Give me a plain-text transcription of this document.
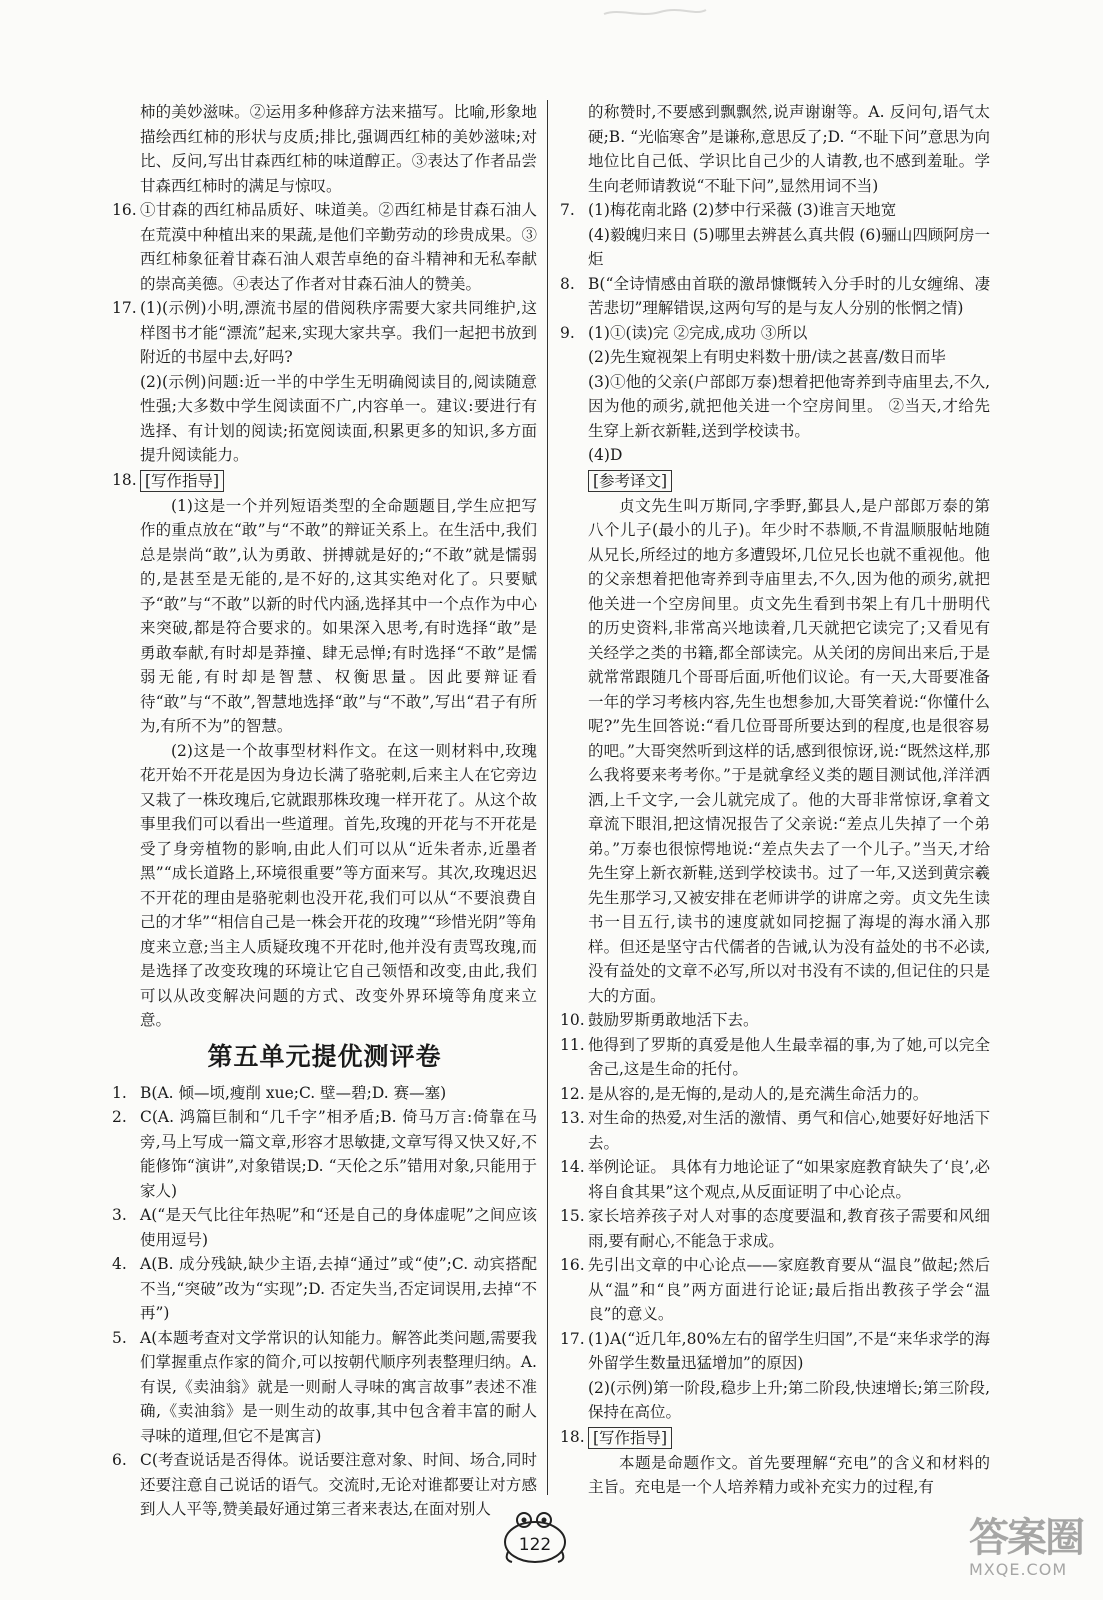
柿的美妙滋味。②运用多种修辞方法来描写。比喻,形象地描绘西红柿的形状与皮质;排比,强调西红柿的美妙滋味;对比、反问,写出甘森西红柿的味道醇正。③表达了作者品尝甘森西红柿时的满足与惊叹。

16. ①甘森的西红柿品质好、味道美。②西红柿是甘森石油人在荒漠中种植出来的果蔬,是他们辛勤劳动的珍贵成果。③西红柿象征着甘森石油人艰苦卓绝的奋斗精神和无私奉献的崇高美德。④表达了作者对甘森石油人的赞美。

17. (1)(示例)小明,漂流书屋的借阅秩序需要大家共同维护,这样图书才能“漂流”起来,实现大家共享。我们一起把书放到附近的书屋中去,好吗?

(2)(示例)问题:近一半的中学生无明确阅读目的,阅读随意性强;大多数中学生阅读面不广,内容单一。建议:要进行有选择、有计划的阅读;拓宽阅读面,积累更多的知识,多方面提升阅读能力。

18. [写作指导]

(1)这是一个并列短语类型的全命题题目,学生应把写作的重点放在“敢”与“不敢”的辩证关系上。在生活中,我们总是崇尚“敢”,认为勇敢、拼搏就是好的;“不敢”就是懦弱的,是甚至是无能的,是不好的,这其实绝对化了。只要赋予“敢”与“不敢”以新的时代内涵,选择其中一个点作为中心来突破,都是符合要求的。如果深入思考,有时选择“敢”是勇敢奉献,有时却是莽撞、肆无忌惮;有时选择“不敢”是懦弱无能,有时却是智慧、权衡思量。因此要辩证看待“敢”与“不敢”,智慧地选择“敢”与“不敢”,写出“君子有所为,有所不为”的智慧。

(2)这是一个故事型材料作文。在这一则材料中,玫瑰花开始不开花是因为身边长满了骆驼刺,后来主人在它旁边又栽了一株玫瑰后,它就跟那株玫瑰一样开花了。从这个故事里我们可以看出一些道理。首先,玫瑰的开花与不开花是受了身旁植物的影响,由此人们可以从“近朱者赤,近墨者黑”“成长道路上,环境很重要”等方面来写。其次,玫瑰迟迟不开花的理由是骆驼刺也没开花,我们可以从“不要浪费自己的才华”“相信自己是一株会开花的玫瑰”“珍惜光阴”等角度来立意;当主人质疑玫瑰不开花时,他并没有责骂玫瑰,而是选择了改变玫瑰的环境让它自己领悟和改变,由此,我们可以从改变解决问题的方式、改变外界环境等角度来立意。

第五单元提优测评卷

1. B(A. 倾—顷,瘦削 xue;C. 壁—碧;D. 赛—塞)

2. C(A. 鸿篇巨制和“几千字”相矛盾;B. 倚马万言:倚靠在马旁,马上写成一篇文章,形容才思敏捷,文章写得又快又好,不能修饰“演讲”,对象错误;D. “天伦之乐”错用对象,只能用于家人)

3. A(“是天气比往年热呢”和“还是自己的身体虚呢”之间应该使用逗号)

4. A(B. 成分残缺,缺少主语,去掉“通过”或“使”;C. 动宾搭配不当,“突破”改为“实现”;D. 否定失当,否定词误用,去掉“不再”)

5. A(本题考查对文学常识的认知能力。解答此类问题,需要我们掌握重点作家的简介,可以按朝代顺序列表整理归纳。A. 有误,《卖油翁》就是一则耐人寻味的寓言故事”表述不准确,《卖油翁》是一则生动的故事,其中包含着丰富的耐人寻味的道理,但它不是寓言)

6. C(考查说话是否得体。说话要注意对象、时间、场合,同时还要注意自己说话的语气。交流时,无论对谁都要让对方感到人人平等,赞美最好通过第三者来表达,在面对别人

的称赞时,不要感到飘飘然,说声谢谢等。A. 反问句,语气太硬;B. “光临寒舍”是谦称,意思反了;D. “不耻下问”意思为向地位比自己低、学识比自己少的人请教,也不感到羞耻。学生向老师请教说“不耻下问”,显然用词不当)

7. (1)梅花南北路 (2)梦中行采薇 (3)谁言天地宽

(4)毅魄归来日 (5)哪里去辨甚么真共假 (6)骊山四顾阿房一炬

8. B(“全诗情感由首联的激昂慷慨转入分手时的儿女缠绵、凄苦悲切”理解错误,这两句写的是与友人分别的怅惘之情)

9. (1)①(读)完 ②完成,成功 ③所以

(2)先生窥视架上有明史料数十册/读之甚喜/数日而毕

(3)①他的父亲(户部郎万泰)想着把他寄养到寺庙里去,不久,因为他的顽劣,就把他关进一个空房间里。 ②当天,才给先生穿上新衣新鞋,送到学校读书。

(4)D

[参考译文]

贞文先生叫万斯同,字季野,鄞县人,是户部郎万泰的第八个儿子(最小的儿子)。年少时不恭顺,不肯温顺服帖地随从兄长,所经过的地方多遭毁坏,几位兄长也就不重视他。他的父亲想着把他寄养到寺庙里去,不久,因为他的顽劣,就把他关进一个空房间里。贞文先生看到书架上有几十册明代的历史资料,非常高兴地读着,几天就把它读完了;又看见有关经学之类的书籍,都全部读完。从关闭的房间出来后,于是就常常跟随几个哥哥后面,听他们议论。有一天,大哥要准备一年的学习考核内容,先生也想参加,大哥笑着说:“你懂什么呢?”先生回答说:“看几位哥哥所要达到的程度,也是很容易的吧。”大哥突然听到这样的话,感到很惊讶,说:“既然这样,那么我将要来考考你。”于是就拿经义类的题目测试他,洋洋洒洒,上千文字,一会儿就完成了。他的大哥非常惊讶,拿着文章流下眼泪,把这情况报告了父亲说:“差点儿失掉了一个弟弟。”万泰也很惊愕地说:“差点失去了一个儿子。”当天,才给先生穿上新衣新鞋,送到学校读书。过了一年,又送到黄宗羲先生那学习,又被安排在老师讲学的讲席之旁。贞文先生读书一目五行,读书的速度就如同挖掘了海堤的海水涌入那样。但还是坚守古代儒者的告诫,认为没有益处的书不必读,没有益处的文章不必写,所以对书没有不读的,但记住的只是大的方面。

10. 鼓励罗斯勇敢地活下去。

11. 他得到了罗斯的真爱是他人生最幸福的事,为了她,可以完全舍己,这是生命的托付。

12. 是从容的,是无悔的,是动人的,是充满生命活力的。

13. 对生命的热爱,对生活的激情、勇气和信心,她要好好地活下去。

14. 举例论证。 具体有力地论证了“如果家庭教育缺失了‘良’,必将自食其果”这个观点,从反面证明了中心论点。

15. 家长培养孩子对人对事的态度要温和,教育孩子需要和风细雨,要有耐心,不能急于求成。

16. 先引出文章的中心论点——家庭教育要从“温良”做起;然后从“温”和“良”两方面进行论证;最后指出教孩子学会“温良”的意义。

17. (1)A(“近几年,80%左右的留学生归国”,不是“来华求学的海外留学生数量迅猛增加”的原因)

(2)(示例)第一阶段,稳步上升;第二阶段,快速增长;第三阶段,保持在高位。

18. [写作指导]

本题是命题作文。首先要理解“充电”的含义和材料的主旨。充电是一个人培养精力或补充实力的过程,有

122	答案圈
MXQE.COM
